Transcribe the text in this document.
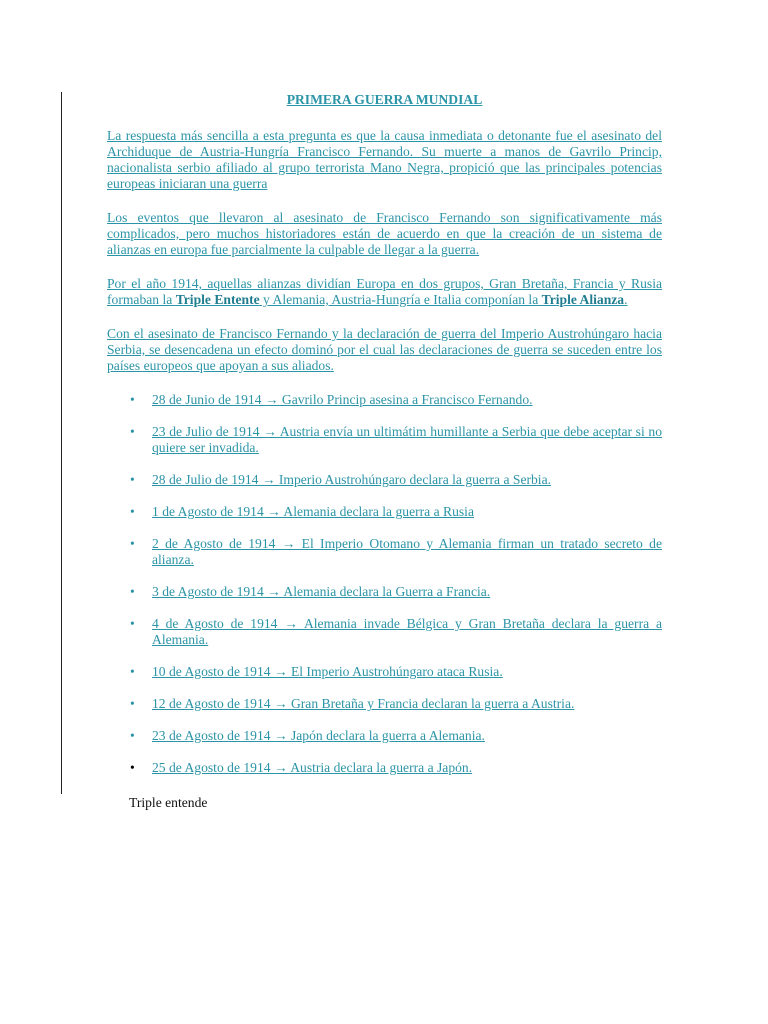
PRIMERA GUERRA MUNDIAL

La respuesta más sencilla a esta pregunta es que la causa inmediata o detonante fue el asesinato del Archiduque de Austria-Hungría Francisco Fernando. Su muerte a manos de Gavrilo Princip, nacionalista serbio afiliado al grupo terrorista Mano Negra, propició que las principales potencias europeas iniciaran una guerra

Los eventos que llevaron al asesinato de Francisco Fernando son significativamente más complicados, pero muchos historiadores están de acuerdo en que la creación de un sistema de alianzas en europa fue parcialmente la culpable de llegar a la guerra.

Por el año 1914, aquellas alianzas dividían Europa en dos grupos, Gran Bretaña, Francia y Rusia formaban la Triple Entente y Alemania, Austria-Hungría e Italia componían la Triple Alianza.

Con el asesinato de Francisco Fernando y la declaración de guerra del Imperio Austrohúngaro hacia Serbia, se desencadena un efecto dominó por el cual las declaraciones de guerra se suceden entre los países europeos que apoyan a sus aliados.

• 28 de Junio de 1914 → Gavrilo Princip asesina a Francisco Fernando.
• 23 de Julio de 1914 → Austria envía un ultimátim humillante a Serbia que debe aceptar si no quiere ser invadida.
• 28 de Julio de 1914 → Imperio Austrohúngaro declara la guerra a Serbia.
• 1 de Agosto de 1914 → Alemania declara la guerra a Rusia
• 2 de Agosto de 1914 → El Imperio Otomano y Alemania firman un tratado secreto de alianza.
• 3 de Agosto de 1914 → Alemania declara la Guerra a Francia.
• 4 de Agosto de 1914 → Alemania invade Bélgica y Gran Bretaña declara la guerra a Alemania.
• 10 de Agosto de 1914 → El Imperio Austrohúngaro ataca Rusia.
• 12 de Agosto de 1914 → Gran Bretaña y Francia declaran la guerra a Austria.
• 23 de Agosto de 1914 → Japón declara la guerra a Alemania.
• 25 de Agosto de 1914 → Austria declara la guerra a Japón.
Triple entende
